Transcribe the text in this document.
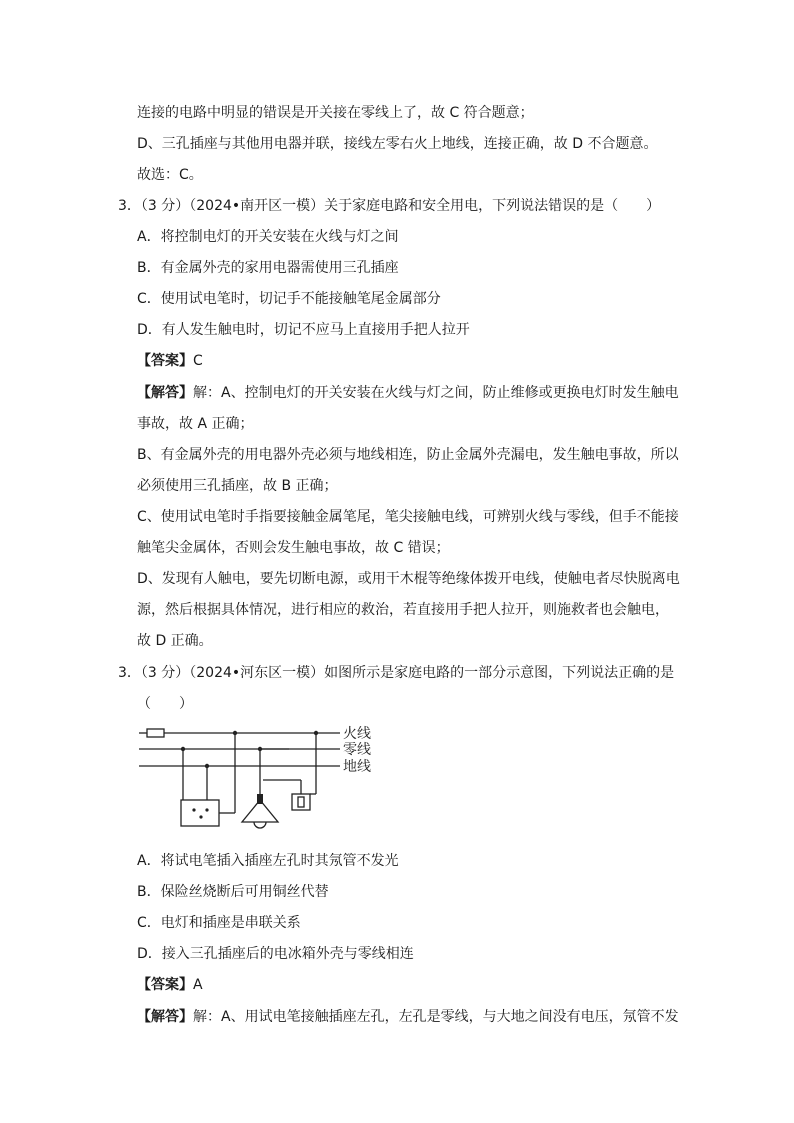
连接的电路中明显的错误是开关接在零线上了，故 C 符合题意；
D、三孔插座与其他用电器并联，接线左零右火上地线，连接正确，故 D 不合题意。
故选：C。
3．（3 分）（2024•南开区一模）关于家庭电路和安全用电，下列说法错误的是（　　）
A．将控制电灯的开关安装在火线与灯之间
B．有金属外壳的家用电器需使用三孔插座
C．使用试电笔时，切记手不能接触笔尾金属部分
D．有人发生触电时，切记不应马上直接用手把人拉开
【答案】C
【解答】解：A、控制电灯的开关安装在火线与灯之间，防止维修或更换电灯时发生触电
事故，故 A 正确；
B、有金属外壳的用电器外壳必须与地线相连，防止金属外壳漏电，发生触电事故，所以
必须使用三孔插座，故 B 正确；
C、使用试电笔时手指要接触金属笔尾，笔尖接触电线，可辨别火线与零线，但手不能接
触笔尖金属体，否则会发生触电事故，故 C 错误；
D、发现有人触电，要先切断电源，或用干木棍等绝缘体拨开电线，使触电者尽快脱离电
源，然后根据具体情况，进行相应的救治，若直接用手把人拉开，则施救者也会触电，
故 D 正确。
3．（3 分）（2024•河东区一模）如图所示是家庭电路的一部分示意图，下列说法正确的是
（　　）
火线
零线
地线
A．将试电笔插入插座左孔时其氖管不发光
B．保险丝烧断后可用铜丝代替
C．电灯和插座是串联关系
D．接入三孔插座后的电冰箱外壳与零线相连
【答案】A
【解答】解：A、用试电笔接触插座左孔，左孔是零线，与大地之间没有电压，氖管不发
